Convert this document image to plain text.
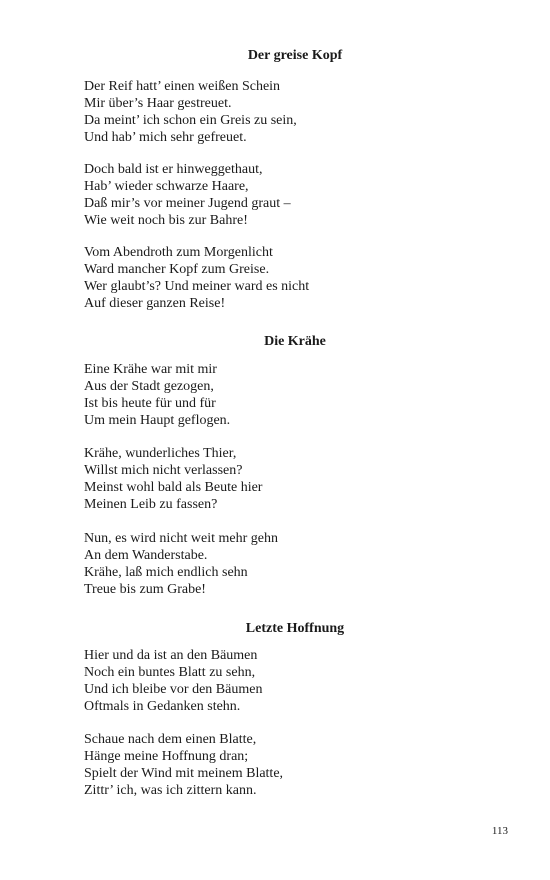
Der greise Kopf
Der Reif hatt’ einen weißen Schein
Mir über’s Haar gestreuet.
Da meint’ ich schon ein Greis zu sein,
Und hab’ mich sehr gefreuet.
Doch bald ist er hinweggethaut,
Hab’ wieder schwarze Haare,
Daß mir’s vor meiner Jugend graut –
Wie weit noch bis zur Bahre!
Vom Abendroth zum Morgenlicht
Ward mancher Kopf zum Greise.
Wer glaubt’s? Und meiner ward es nicht
Auf dieser ganzen Reise!
Die Krähe
Eine Krähe war mit mir
Aus der Stadt gezogen,
Ist bis heute für und für
Um mein Haupt geflogen.
Krähe, wunderliches Thier,
Willst mich nicht verlassen?
Meinst wohl bald als Beute hier
Meinen Leib zu fassen?
Nun, es wird nicht weit mehr gehn
An dem Wanderstabe.
Krähe, laß mich endlich sehn
Treue bis zum Grabe!
Letzte Hoffnung
Hier und da ist an den Bäumen
Noch ein buntes Blatt zu sehn,
Und ich bleibe vor den Bäumen
Oftmals in Gedanken stehn.
Schaue nach dem einen Blatte,
Hänge meine Hoffnung dran;
Spielt der Wind mit meinem Blatte,
Zittr’ ich, was ich zittern kann.
113
